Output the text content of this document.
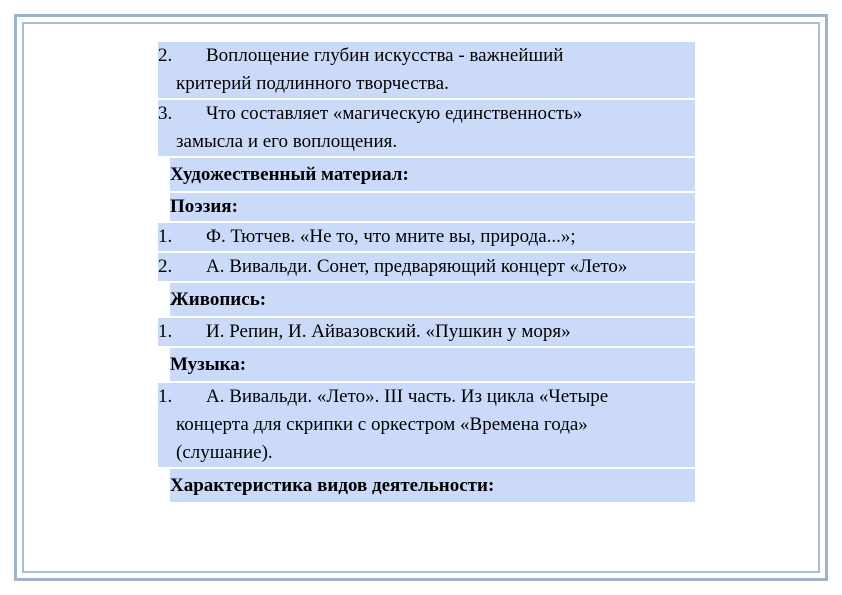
2.	Воплощение глубин искусства - важнейший
критерий подлинного творчества.
3.	Что составляет «магическую единственность»
замысла и его воплощения.
Художественный материал:
Поэзия:
1.	Ф. Тютчев. «Не то, что мните вы, природа...»;
2.	А. Вивальди. Сонет, предваряющий концерт «Лето»
Живопись:
1.	И. Репин, И. Айвазовский. «Пушкин у моря»
Музыка:
1.	А. Вивальди. «Лето». III часть. Из цикла «Четыре
концерта для скрипки с оркестром «Времена года»
(слушание).
Характеристика видов деятельности:
